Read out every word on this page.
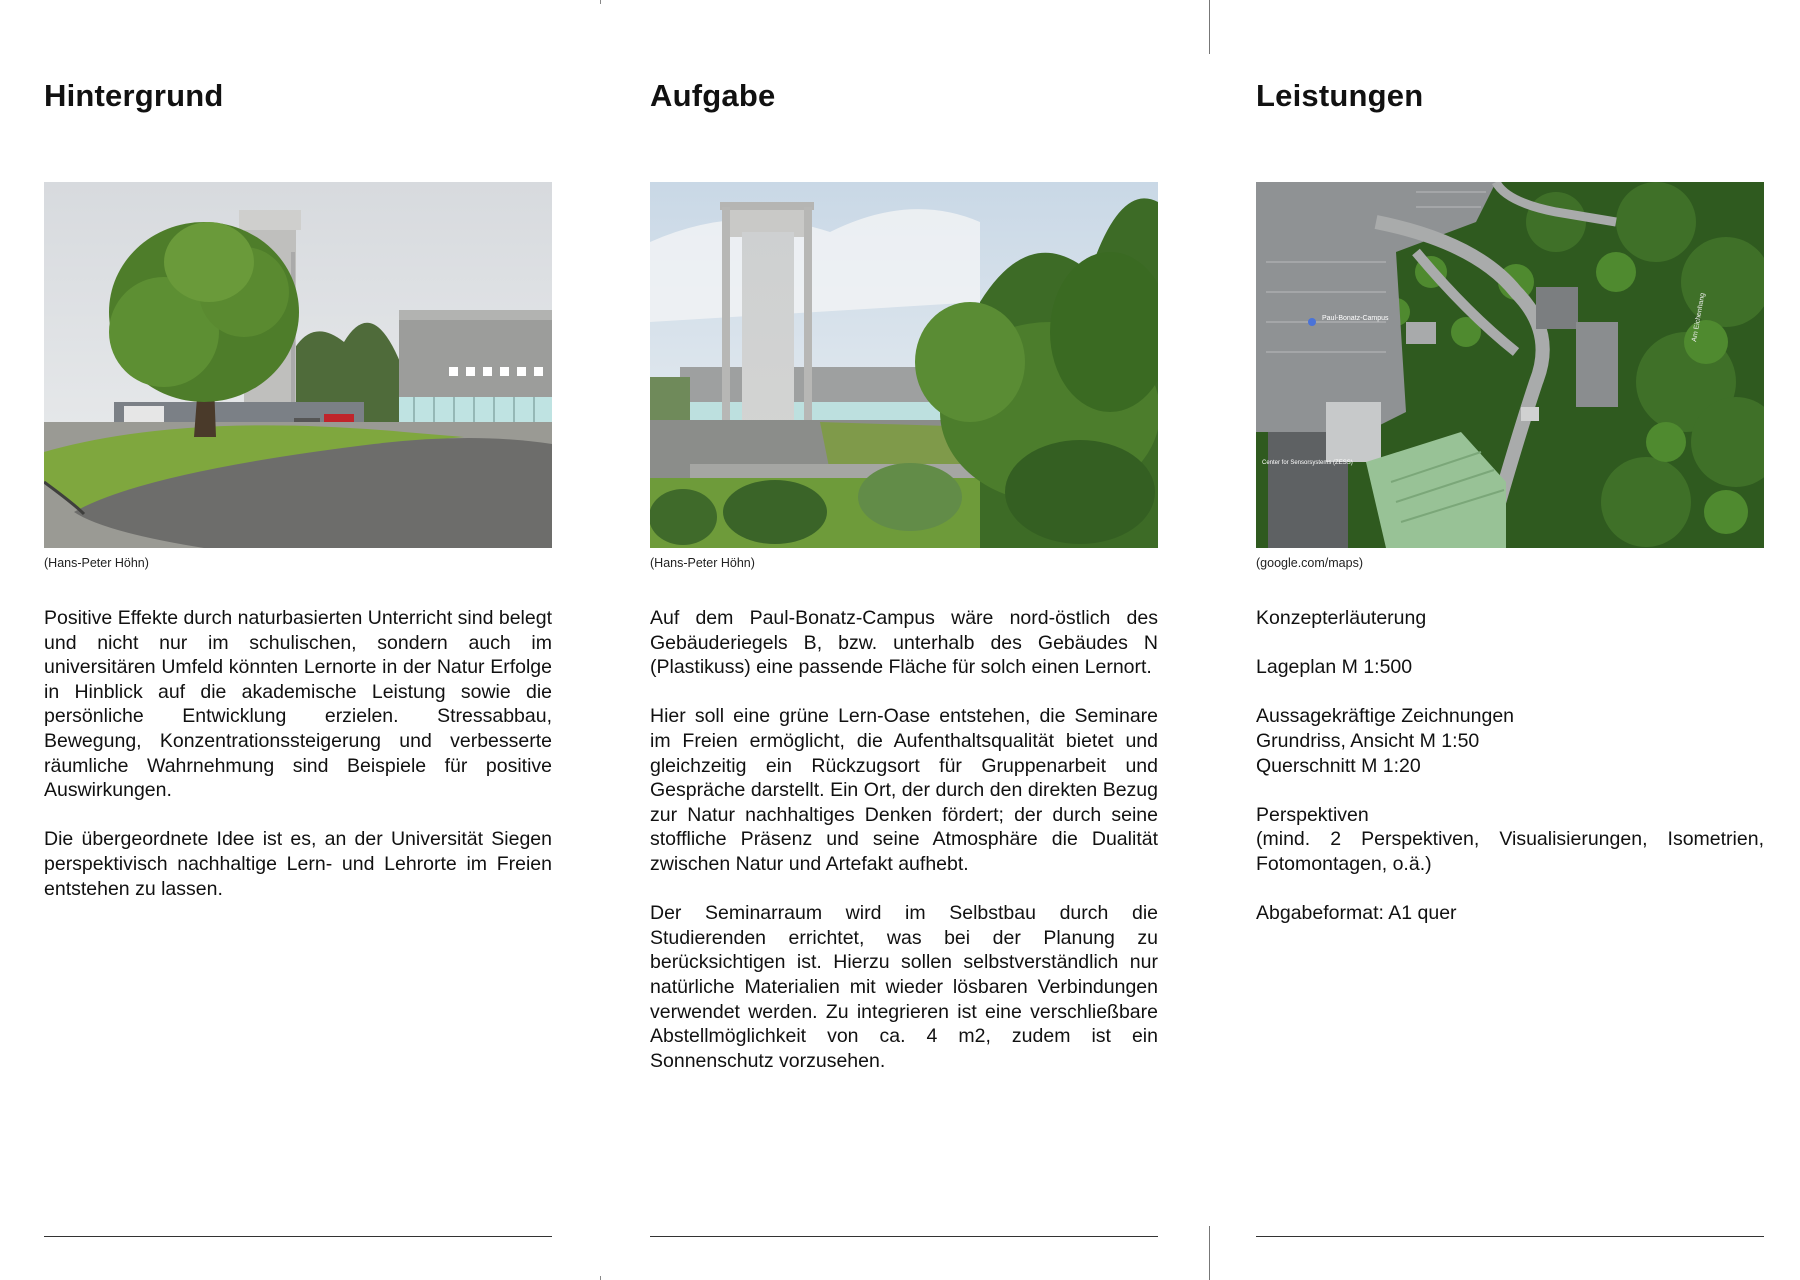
Hintergrund
(Hans-Peter Höhn)

Positive Effekte durch naturbasierten Unterricht sind belegt und nicht nur im schulischen, sondern auch im universitären Umfeld könnten Lernorte in der Natur Erfolge in Hinblick auf die akademische Leistung sowie die persönliche Entwicklung erzielen. Stressabbau, Bewegung, Konzentrationssteigerung und verbesserte räumliche Wahrnehmung sind Beispiele für positive Auswirkungen.

Die übergeordnete Idee ist es, an der Universität Siegen perspektivisch nachhaltige Lern- und Lehrorte im Freien entstehen zu lassen.

Aufgabe
(Hans-Peter Höhn)

Auf dem Paul-Bonatz-Campus wäre nord-östlich des Gebäuderiegels B, bzw. unterhalb des Gebäudes N (Plastikuss) eine passende Fläche für solch einen Lernort.

Hier soll eine grüne Lern-Oase entstehen, die Seminare im Freien ermöglicht, die Aufenthaltsqualität bietet und gleichzeitig ein Rückzugsort für Gruppenarbeit und Gespräche darstellt. Ein Ort, der durch den direkten Bezug zur Natur nachhaltiges Denken fördert; der durch seine stoffliche Präsenz und seine Atmosphäre die Dualität zwischen Natur und Artefakt aufhebt.

Der Seminarraum wird im Selbstbau durch die Studierenden errichtet, was bei der Planung zu berücksichtigen ist. Hierzu sollen selbstverständlich nur natürliche Materialien mit wieder lösbaren Verbindungen verwendet werden. Zu integrieren ist eine verschließbare Abstellmöglichkeit von ca. 4 m2, zudem ist ein Sonnenschutz vorzusehen.

Leistungen
Paul-Bonatz-Campus
Center for Sensorsystems (ZESS)
Am Eichenhang
(google.com/maps)

Konzepterläuterung

Lageplan M 1:500

Aussagekräftige Zeichnungen
Grundriss, Ansicht M 1:50
Querschnitt M 1:20

Perspektiven
(mind. 2 Perspektiven, Visualisierungen, Isometrien, Fotomontagen, o.ä.)

Abgabeformat: A1 quer
